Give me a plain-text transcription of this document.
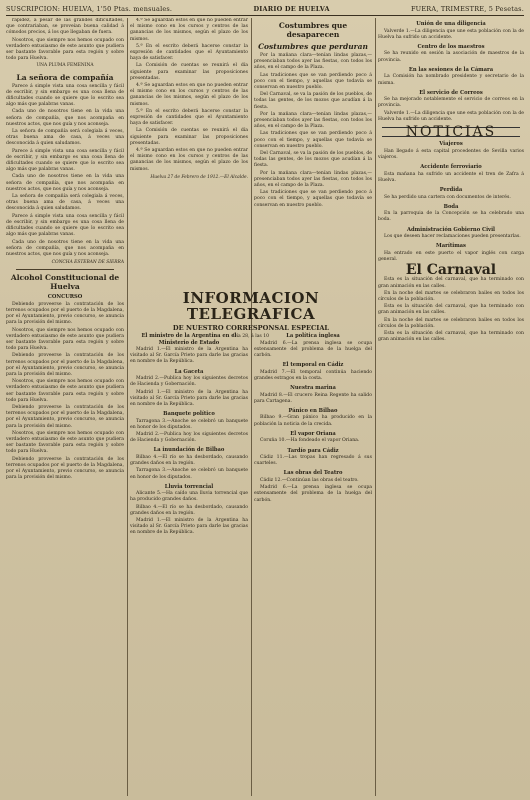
SUSCRIPCION: HUELVA, 1'50 Ptas. mensuales.	DIARIO DE HUELVA	FUERA, TRIMESTRE, 5 Pesetas.

rapidez, á pesar de las grandes dificultades, que contrariaban, se proveían buena calidad á cómodos precios, á los que llegaban de fuera.

Nosotros, que siempre nos hemos ocupado con verdadero entusiasmo de este asunto que pudiera ser bastante favorable para esta región y sobre todo para Huelva.

UNA PLUMA FEMENINA
La señora de compañía

Parece á simple vista una cosa sencilla y fácil de escribir, y sin embargo es una cosa llena de dificultades cuando se quiere que lo escrito sea algo más que palabras vanas.

Cada uno de nosotros tiene en la vida una señora de compañía, que nos acompaña en nuestros actos, que nos guía y nos aconseja.

La señora de compañía será colegiala á veces, otras buena ama de casa, á veces una desconocida á quien saludamos.

Parece á simple vista una cosa sencilla y fácil de escribir, y sin embargo es una cosa llena de dificultades cuando se quiere que lo escrito sea algo más que palabras vanas.

Cada uno de nosotros tiene en la vida una señora de compañía, que nos acompaña en nuestros actos, que nos guía y nos aconseja.

La señora de compañía será colegiala á veces, otras buena ama de casa, á veces una desconocida á quien saludamos.

Parece á simple vista una cosa sencilla y fácil de escribir, y sin embargo es una cosa llena de dificultades cuando se quiere que lo escrito sea algo más que palabras vanas.

Cada uno de nosotros tiene en la vida una señora de compañía, que nos acompaña en nuestros actos, que nos guía y nos aconseja.

CONCHA ESTEBAN DE SIERRA
Alcohol Constitucional de Huelva
CONCURSO

Debiendo proveerse la contratación de los terrenos ocupados por el puerto de la Magdalena, por el Ayuntamiento, previo concurso, se anuncia para la provisión del mismo.

Nosotros, que siempre nos hemos ocupado con verdadero entusiasmo de este asunto que pudiera ser bastante favorable para esta región y sobre todo para Huelva.

Debiendo proveerse la contratación de los terrenos ocupados por el puerto de la Magdalena, por el Ayuntamiento, previo concurso, se anuncia para la provisión del mismo.

Nosotros, que siempre nos hemos ocupado con verdadero entusiasmo de este asunto que pudiera ser bastante favorable para esta región y sobre todo para Huelva.

Debiendo proveerse la contratación de los terrenos ocupados por el puerto de la Magdalena, por el Ayuntamiento, previo concurso, se anuncia para la provisión del mismo.

Nosotros, que siempre nos hemos ocupado con verdadero entusiasmo de este asunto que pudiera ser bastante favorable para esta región y sobre todo para Huelva.

Debiendo proveerse la contratación de los terrenos ocupados por el puerto de la Magdalena, por el Ayuntamiento, previo concurso, se anuncia para la provisión del mismo.

4.ª Se aguardan estos en que no pueden entrar el mismo cono en los cursos y centros de las ganancias de los mismos, según el plazo de los mismos.

5.ª En el escrito deberá hacerse constar la expresión de cantidades que el Ayuntamiento haya de satisfacer.

La Comisión de cuentas se reunirá el día siguiente para examinar las proposiciones presentadas.

4.ª Se aguardan estos en que no pueden entrar el mismo cono en los cursos y centros de las ganancias de los mismos, según el plazo de los mismos.

5.ª En el escrito deberá hacerse constar la expresión de cantidades que el Ayuntamiento haya de satisfacer.

La Comisión de cuentas se reunirá el día siguiente para examinar las proposiciones presentadas.

4.ª Se aguardan estos en que no pueden entrar el mismo cono en los cursos y centros de las ganancias de los mismos, según el plazo de los mismos.

Huelva 27 de Febrero de 1912.—El Alcalde.
Costumbres que desaparecen
Costumbres que perduran

Por la mañana clara—tenían lindas plazas,—presenciaban todos ayer las fiestas, con todos los años, en el campo de la Plaza.

Las tradiciones que se van perdiendo poco á poco con el tiempo, y aquellas que todavía se conservan en nuestro pueblo.

Del Carnaval, se va la pasión de los pueblos, de todas las gentes, de los mozos que acudían á la fiesta.

Por la mañana clara—tenían lindas plazas,—presenciaban todos ayer las fiestas, con todos los años, en el campo de la Plaza.

Las tradiciones que se van perdiendo poco á poco con el tiempo, y aquellas que todavía se conservan en nuestro pueblo.

Del Carnaval, se va la pasión de los pueblos, de todas las gentes, de los mozos que acudían á la fiesta.

Por la mañana clara—tenían lindas plazas,—presenciaban todos ayer las fiestas, con todos los años, en el campo de la Plaza.

Las tradiciones que se van perdiendo poco á poco con el tiempo, y aquellas que todavía se conservan en nuestro pueblo.

INFORMACION TELEGRAFICA
DE NUESTRO CORRESPONSAL ESPECIAL
Día 28, á las 10
El ministro de la Argentina en el Ministerio de Estado

Madrid 1.—El ministro de la Argentina ha visitado al Sr. García Prieto para darle las gracias en nombre de la República.

La Gaceta

Madrid 2.—Publica hoy los siguientes decretos de Hacienda y Gobernación.

Madrid 1.—El ministro de la Argentina ha visitado al Sr. García Prieto para darle las gracias en nombre de la República.

Banquete político

Tarragona 3.—Anoche se celebró un banquete en honor de los diputados.

Madrid 2.—Publica hoy los siguientes decretos de Hacienda y Gobernación.

La inundación de Bilbao

Bilbao 4.—El río se ha desbordado, causando grandes daños en la región.

Tarragona 3.—Anoche se celebró un banquete en honor de los diputados.

Lluvia torrencial

Alicante 5.—Ha caído una lluvia torrencial que ha producido grandes daños.

Bilbao 4.—El río se ha desbordado, causando grandes daños en la región.

Madrid 1.—El ministro de la Argentina ha visitado al Sr. García Prieto para darle las gracias en nombre de la República.

La política inglesa

Madrid 6.—La prensa inglesa se ocupa extensamente del problema de la huelga del carbón.

El temporal en Cádiz

Madrid 7.—El temporal continúa haciendo grandes estragos en la costa.

Nuestra marina

Madrid 8.—El crucero Reina Regente ha salido para Cartagena.

Pánico en Bilbao

Bilbao 9.—Gran pánico ha producido en la población la noticia de la crecida.

El vapor Oriana

Coruña 10.—Ha fondeado el vapor Oriana.

Tardío para Cádiz

Cádiz 11.—Las tropas han regresado á sus cuarteles.

Las obras del Teatro

Cádiz 12.—Continúan las obras del teatro.

Madrid 6.—La prensa inglesa se ocupa extensamente del problema de la huelga del carbón.

Unión de una diligencia

Valverde 1.—La diligencia que une esta población con la de Huelva ha sufrido un accidente.

Centro de los maestros

Se ha reunido en sesión la asociación de maestros de la provincia.

En las sesiones de la Cámara

La Comisión ha nombrado presidente y secretario de la misma.

El servicio de Correos

Se ha mejorado notablemente el servicio de correos en la provincia.

Valverde 1.—La diligencia que une esta población con la de Huelva ha sufrido un accidente.

NOTICIAS
Viajeros

Han llegado á esta capital procedentes de Sevilla varios viajeros.

Accidente ferroviario

Esta mañana ha sufrido un accidente el tren de Zafra á Huelva.

Perdida

Se ha perdido una cartera con documentos de interés.

Boda

En la parroquia de la Concepción se ha celebrado una boda.

Administración Gobierno Civil

Los que deseen hacer reclamaciones pueden presentarlas.

Marítimas

Ha entrado en este puerto el vapor inglés con carga general.

El Carnaval

Esta es la situación del carnaval, que ha terminado con gran animación en las calles.

En la noche del martes se celebraron bailes en todos los círculos de la población.

Esta es la situación del carnaval, que ha terminado con gran animación en las calles.

En la noche del martes se celebraron bailes en todos los círculos de la población.

Esta es la situación del carnaval, que ha terminado con gran animación en las calles.
